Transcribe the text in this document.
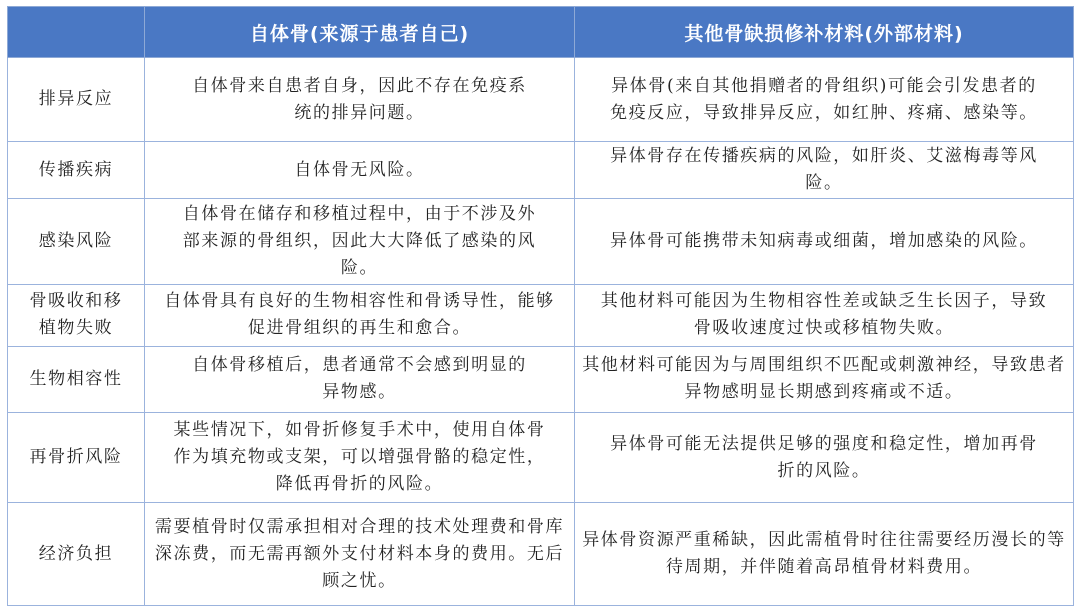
	自体骨(来源于患者自己)	其他骨缺损修补材料(外部材料)
排异反应	自体骨来自患者自身，因此不存在免疫系统的排异问题。	异体骨(来自其他捐赠者的骨组织)可能会引发患者的免疫反应，导致排异反应，如红肿、疼痛、感染等。
传播疾病	自体骨无风险。	异体骨存在传播疾病的风险，如肝炎、艾滋梅毒等风险。
感染风险	自体骨在储存和移植过程中，由于不涉及外部来源的骨组织，因此大大降低了感染的风险。	异体骨可能携带未知病毒或细菌，增加感染的风险。
骨吸收和移植物失败	自体骨具有良好的生物相容性和骨诱导性，能够促进骨组织的再生和愈合。	其他材料可能因为生物相容性差或缺乏生长因子，导致骨吸收速度过快或移植物失败。
生物相容性	自体骨移植后，患者通常不会感到明显的异物感。	其他材料可能因为与周围组织不匹配或刺激神经，导致患者异物感明显长期感到疼痛或不适。
再骨折风险	某些情况下，如骨折修复手术中，使用自体骨作为填充物或支架，可以增强骨骼的稳定性，降低再骨折的风险。	异体骨可能无法提供足够的强度和稳定性，增加再骨折的风险。
经济负担	需要植骨时仅需承担相对合理的技术处理费和骨库深冻费，而无需再额外支付材料本身的费用。无后顾之忧。	异体骨资源严重稀缺，因此需植骨时往往需要经历漫长的等待周期，并伴随着高昂植骨材料费用。
